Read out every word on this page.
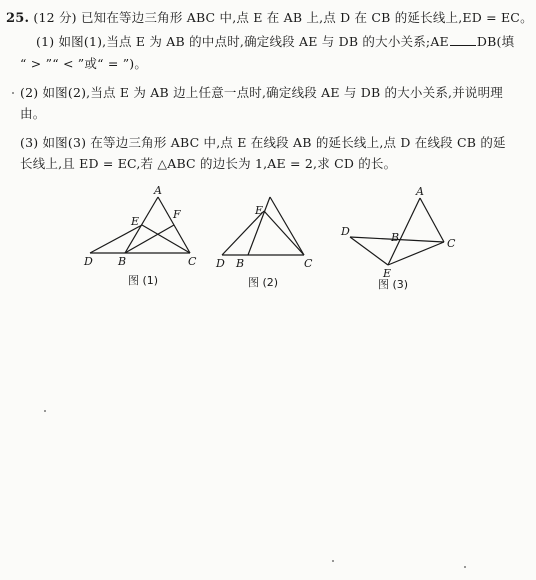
25. (12 分) 已知在等边三角形 ABC 中,点 E 在 AB 上,点 D 在 CB 的延长线上,ED = EC。
(1) 如图(1),当点 E 为 AB 的中点时,确定线段 AE 与 DB 的大小关系;AE DB(填
“ > ”“ < ”或“ = ”)。
(2) 如图(2),当点 E 为 AB 边上任意一点时,确定线段 AE 与 DB 的大小关系,并说明理
由。
(3) 如图(3) 在等边三角形 ABC 中,点 E 在线段 AB 的延长线上,点 D 在线段 CB 的延
长线上,且 ED = EC,若 △ABC 的边长为 1,AE = 2,求 CD 的长。
A
E
F
D B	C
E
D B	C
A
D	B	C
E
图 (1)	图 (2)	图 (3)
